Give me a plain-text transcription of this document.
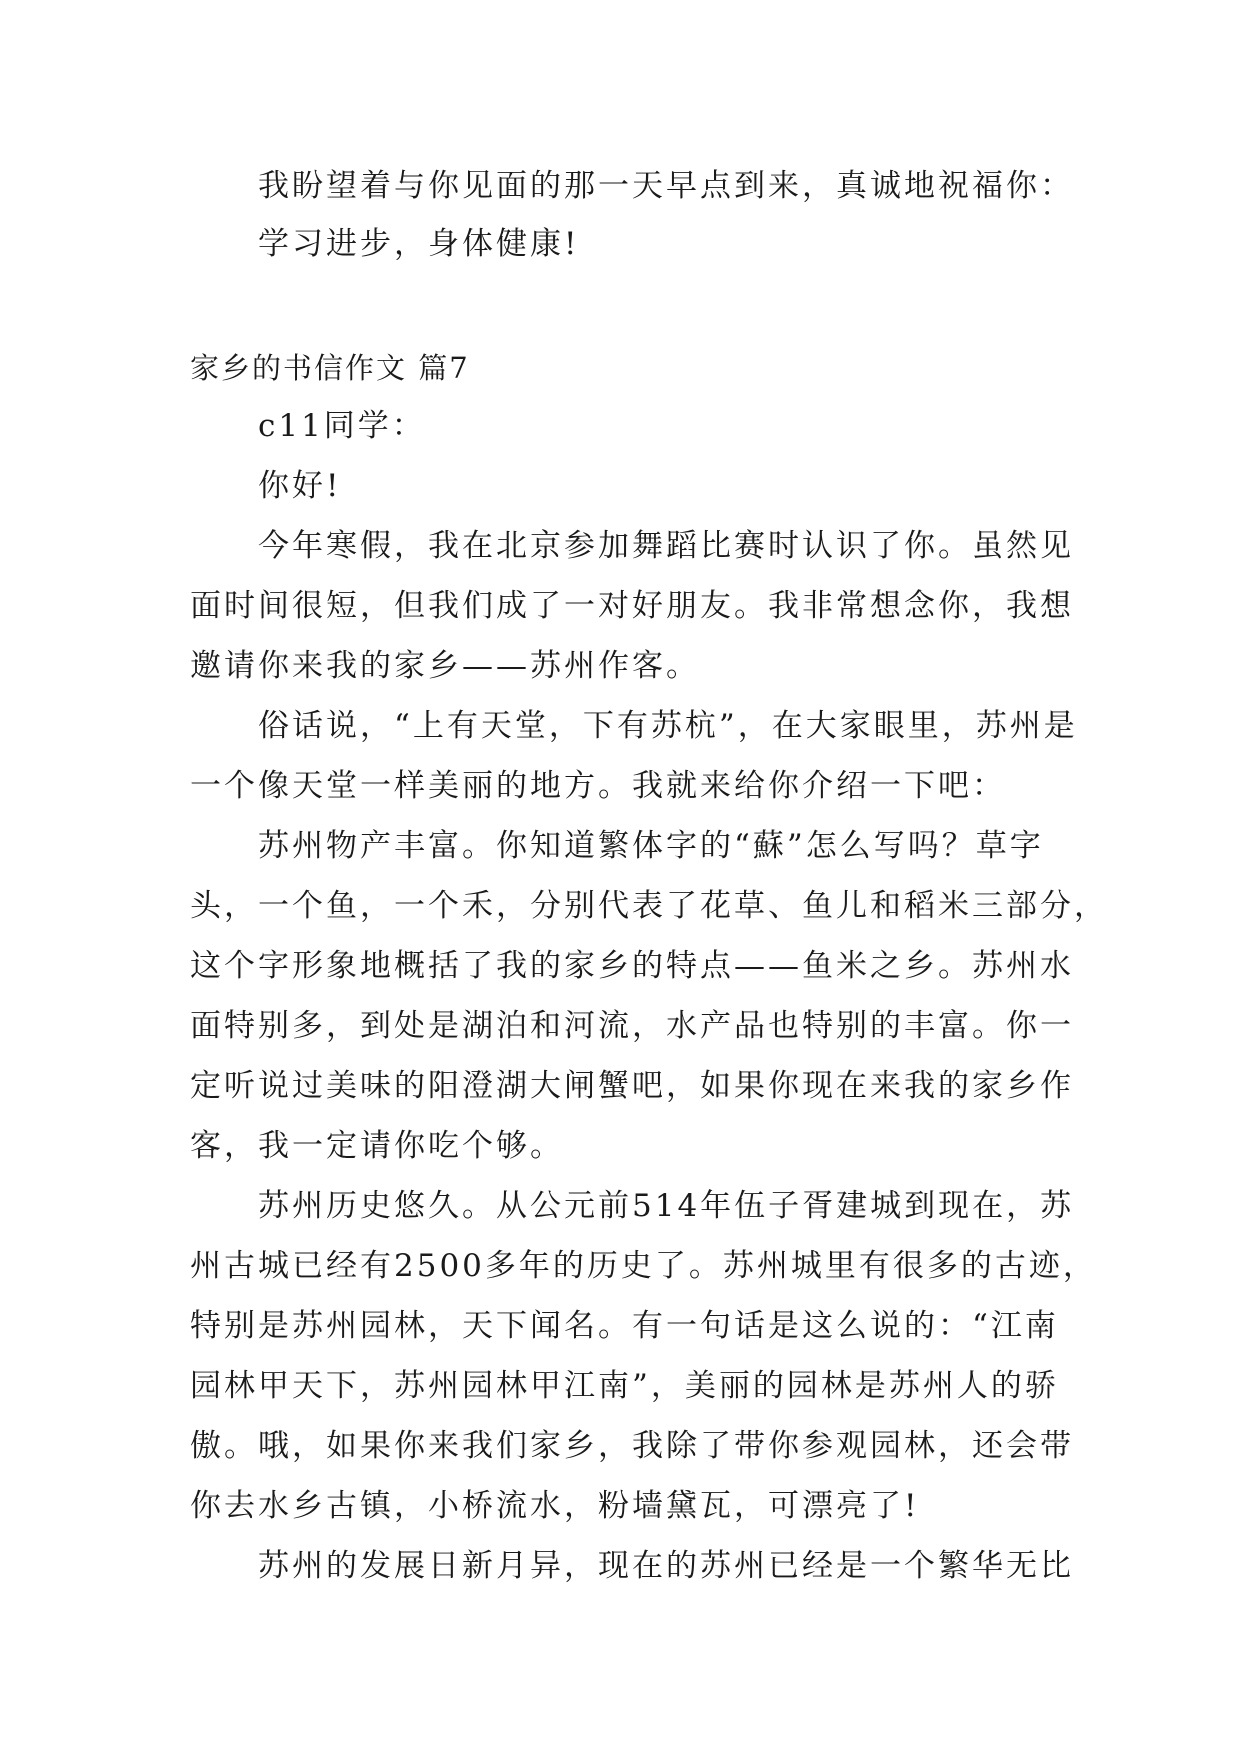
我盼望着与你见面的那一天早点到来，真诚地祝福你：

学习进步，身体健康!

家乡的书信作文 篇7

c11同学：

你好!

今年寒假，我在北京参加舞蹈比赛时认识了你。虽然见

面时间很短，但我们成了一对好朋友。我非常想念你，我想

邀请你来我的家乡——苏州作客。

俗话说，“上有天堂，下有苏杭”，在大家眼里，苏州是

一个像天堂一样美丽的地方。我就来给你介绍一下吧：

苏州物产丰富。你知道繁体字的“蘇”怎么写吗？草字

头，一个鱼，一个禾，分别代表了花草、鱼儿和稻米三部分，

这个字形象地概括了我的家乡的特点——鱼米之乡。苏州水

面特别多，到处是湖泊和河流，水产品也特别的丰富。你一

定听说过美味的阳澄湖大闸蟹吧，如果你现在来我的家乡作

客，我一定请你吃个够。

苏州历史悠久。从公元前514年伍子胥建城到现在，苏

州古城已经有2500多年的历史了。苏州城里有很多的古迹，

特别是苏州园林，天下闻名。有一句话是这么说的：“江南

园林甲天下，苏州园林甲江南”，美丽的园林是苏州人的骄

傲。哦，如果你来我们家乡，我除了带你参观园林，还会带

你去水乡古镇，小桥流水，粉墙黛瓦，可漂亮了!

苏州的发展日新月异，现在的苏州已经是一个繁华无比
